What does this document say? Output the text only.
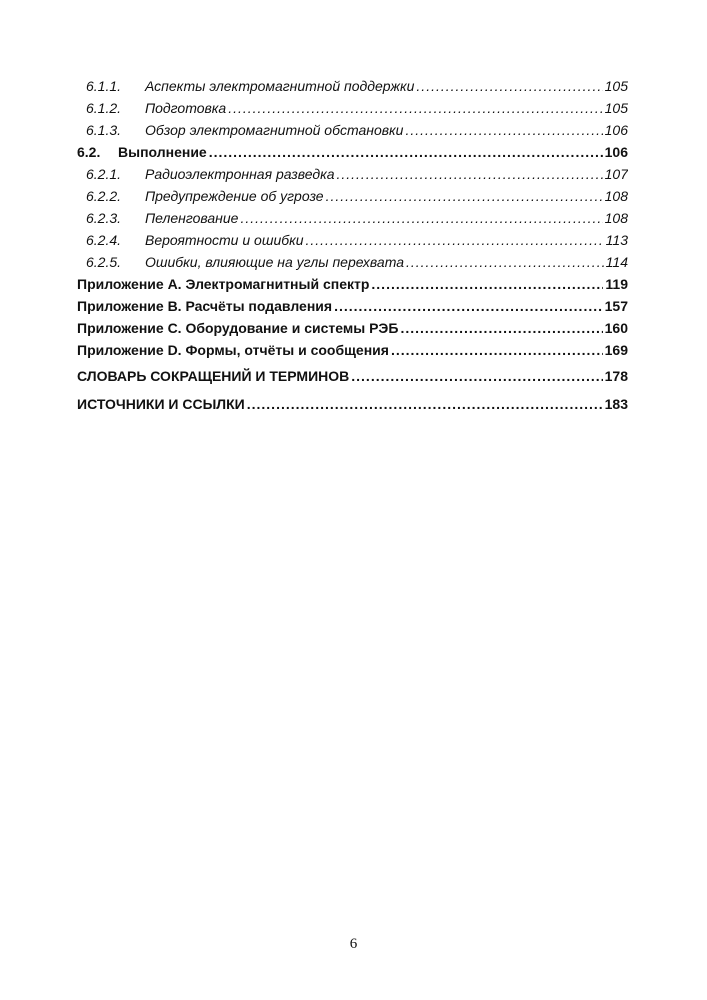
6.1.1.	Аспекты электромагнитной поддержки .....	105
6.1.2.	Подготовка .....	105
6.1.3.	Обзор электромагнитной обстановки .....	106
6.2.	Выполнение .....	106
6.2.1.	Радиоэлектронная разведка .....	107
6.2.2.	Предупреждение об угрозе .....	108
6.2.3.	Пеленгование .....	108
6.2.4.	Вероятности и ошибки .....	113
6.2.5.	Ошибки, влияющие на углы перехвата .....	114
Приложение A. Электромагнитный спектр .....	119
Приложение B. Расчёты подавления .....	157
Приложение C. Оборудование и системы РЭБ .....	160
Приложение D. Формы, отчёты и сообщения .....	169
СЛОВАРЬ СОКРАЩЕНИЙ И ТЕРМИНОВ .....	178
ИСТОЧНИКИ И ССЫЛКИ .....	183
6
